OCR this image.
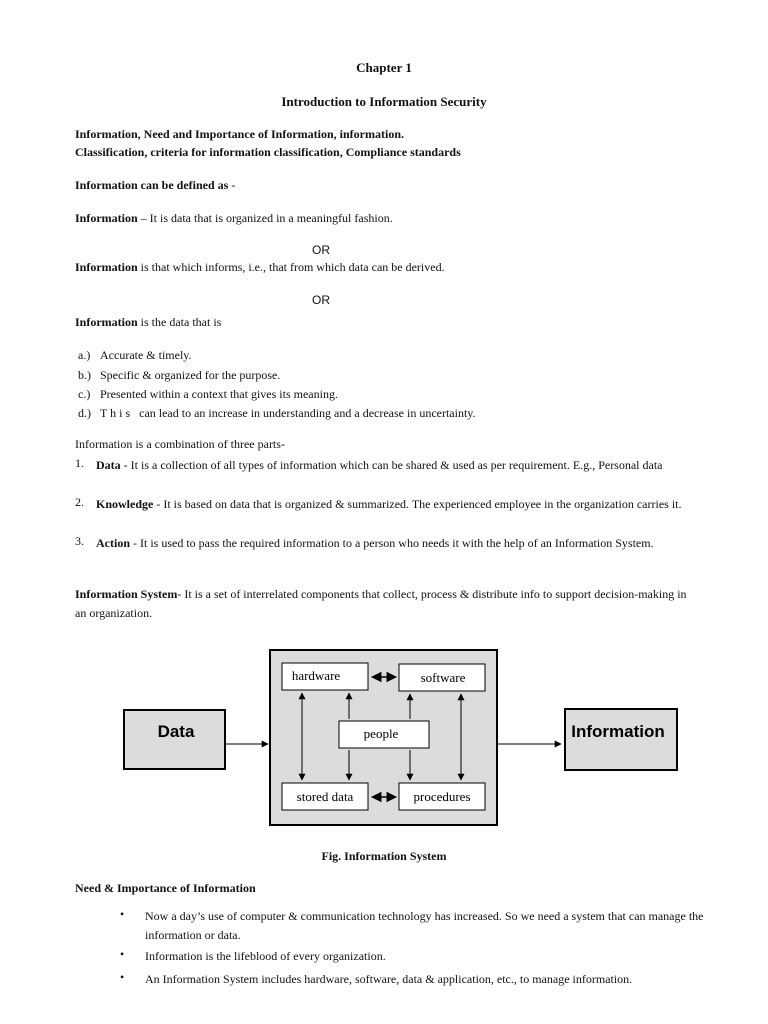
Chapter 1
Introduction to Information Security
Information, Need and Importance of Information, information.
Classification, criteria for information classification, Compliance standards
Information can be defined as -
Information – It is data that is organized in a meaningful fashion.
OR
Information is that which informs, i.e., that from which data can be derived.
OR
Information is the data that is
a.) Accurate & timely.
b.) Specific & organized for the purpose.
c.) Presented within a context that gives its meaning.
d.) T h i s   can lead to an increase in understanding and a decrease in uncertainty.
Information is a combination of three parts-
1. Data - It is a collection of all types of information which can be shared & used as per requirement. E.g., Personal data
2. Knowledge - It is based on data that is organized & summarized. The experienced employee in the organization carries it.
3. Action - It is used to pass the required information to a person who needs it with the help of an Information System.
Information System- It is a set of interrelated components that collect, process & distribute info to support decision-making in an organization.
Data
hardware	software
people
stored data	procedures
Information
Fig. Information System
Need & Importance of Information
• Now a day’s use of computer & communication technology has increased. So we need a system that can manage the information or data.
• Information is the lifeblood of every organization.
• An Information System includes hardware, software, data & application, etc., to manage information.
